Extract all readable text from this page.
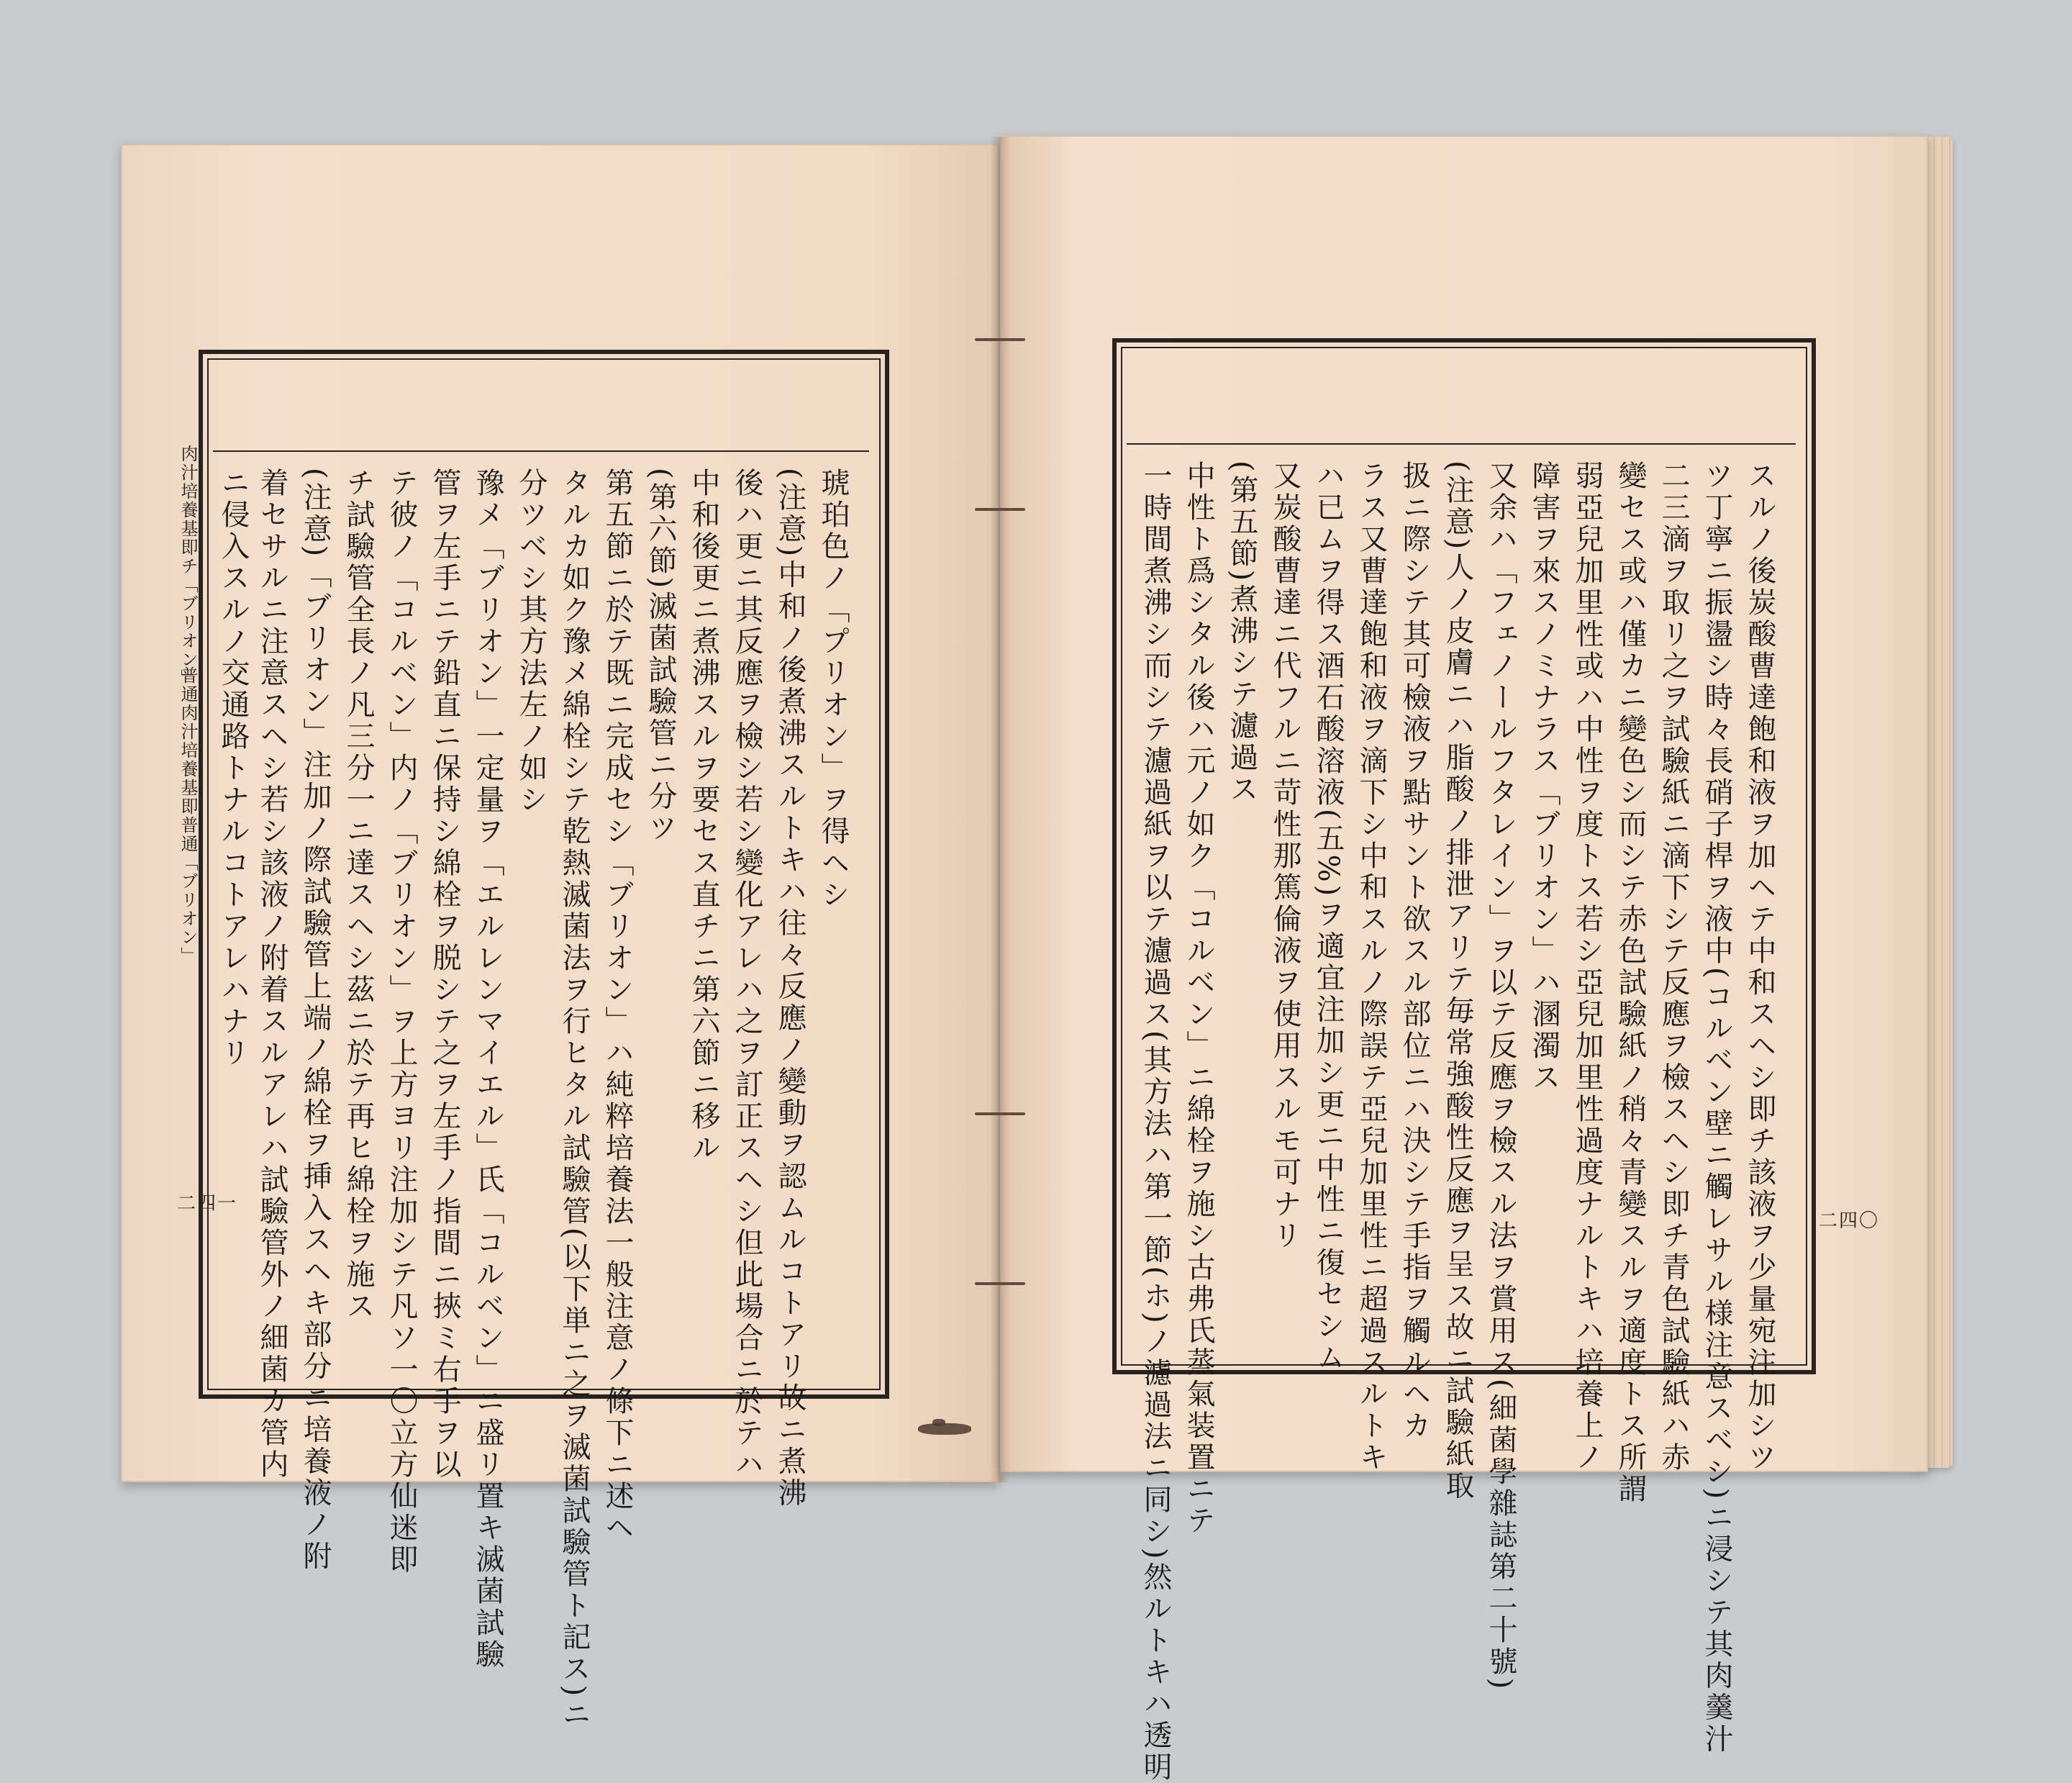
肉汁培養基即チ「ブリオン」
普通肉汁培養基即普通「ブリオン」
二四一
二四〇
琥珀色ノ「プリオン」ヲ得ヘシ
(注意)中和ノ後煮沸スルトキハ往々反應ノ變動ヲ認ムルコトアリ故ニ煮沸
後ハ更ニ其反應ヲ檢シ若シ變化アレハ之ヲ訂正スヘシ但此場合ニ於テハ
中和後更ニ煮沸スルヲ要セス直チニ第六節ニ移ル
(第六節)滅菌試驗管ニ分ツ
第五節ニ於テ既ニ完成セシ「ブリオン」ハ純粹培養法一般注意ノ條下ニ述ヘ
タルカ如ク豫メ綿栓シテ乾熱滅菌法ヲ行ヒタル試驗管(以下単ニ之ヲ滅菌試驗管ト記ス)ニ
分ツベシ其方法左ノ如シ
豫メ「ブリオン」一定量ヲ「エルレンマイエル」氏「コルベン」ニ盛リ置キ滅菌試驗
管ヲ左手ニテ鉛直ニ保持シ綿栓ヲ脱シテ之ヲ左手ノ指間ニ挾ミ右手ヲ以
テ彼ノ「コルベン」内ノ「ブリオン」ヲ上方ヨリ注加シテ凡ソ一〇立方仙迷即
チ試驗管全長ノ凡三分一ニ達スヘシ茲ニ於テ再ヒ綿栓ヲ施ス
(注意)「ブリオン」注加ノ際試驗管上端ノ綿栓ヲ挿入スヘキ部分ニ培養液ノ附
着セサルニ注意スヘシ若シ該液ノ附着スルアレハ試驗管外ノ細菌カ管内
ニ侵入スルノ交通路トナルコトアレハナリ	スルノ後炭酸曹達飽和液ヲ加ヘテ中和スヘシ即チ該液ヲ少量宛注加シツ
ツ丁寧ニ振盪シ時々長硝子桿ヲ液中(コルベン壁ニ觸レサル様注意スベシ)ニ浸シテ其肉羹汁
二三滴ヲ取リ之ヲ試驗紙ニ滴下シテ反應ヲ檢スヘシ即チ青色試驗紙ハ赤
變セス或ハ僅カニ變色シ而シテ赤色試驗紙ノ稍々青變スルヲ適度トス所謂
弱亞兒加里性或ハ中性ヲ度トス若シ亞兒加里性過度ナルトキハ培養上ノ
障害ヲ來スノミナラス「ブリオン」ハ溷濁ス
又余ハ「フェノールフタレイン」ヲ以テ反應ヲ檢スル法ヲ賞用ス(細菌學雜誌第二十號)
(注意)人ノ皮膚ニハ脂酸ノ排泄アリテ毎常強酸性反應ヲ呈ス故ニ試驗紙取
扱ニ際シテ其可檢液ヲ點サント欲スル部位ニハ決シテ手指ヲ觸ルヘカ
ラス又曹達飽和液ヲ滴下シ中和スルノ際誤テ亞兒加里性ニ超過スルトキ
ハ已ムヲ得ス酒石酸溶液(五%)ヲ適宜注加シ更ニ中性ニ復セシム
又炭酸曹達ニ代フルニ苛性那篤倫液ヲ使用スルモ可ナリ
(第五節)煮沸シテ濾過ス
中性ト爲シタル後ハ元ノ如ク「コルベン」ニ綿栓ヲ施シ古弗氏蒸氣装置ニテ
一時間煮沸シ而シテ濾過紙ヲ以テ濾過ス(其方法ハ第一節(ホ)ノ濾過法ニ同シ)然ルトキハ透明
